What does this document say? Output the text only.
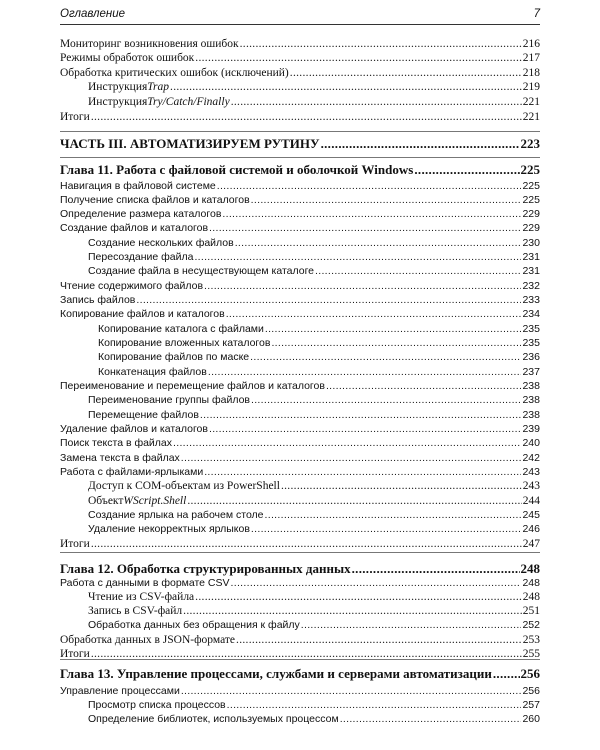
Оглавление	7
Мониторинг возникновения ошибок .....	216
Режимы обработок ошибок .....	217
Обработка критических ошибок (исключений) .....	218
Инструкция Trap .....	219
Инструкция Try/Catch/Finally .....	221
Итоги .....	221
ЧАСТЬ III. АВТОМАТИЗИРУЕМ РУТИНУ .....	223
Глава 11. Работа с файловой системой и оболочкой Windows .....	225
Навигация в файловой системе .....	225
Получение списка файлов и каталогов .....	225
Определение размера каталогов .....	229
Создание файлов и каталогов .....	229
Создание нескольких файлов .....	230
Пересоздание файла .....	231
Создание файла в несуществующем каталоге .....	231
Чтение содержимого файлов .....	232
Запись файлов .....	233
Копирование файлов и каталогов .....	234
Копирование каталога с файлами .....	235
Копирование вложенных каталогов .....	235
Копирование файлов по маске .....	236
Конкатенация файлов .....	237
Переименование и перемещение файлов и каталогов .....	238
Переименование группы файлов .....	238
Перемещение файлов .....	238
Удаление файлов и каталогов .....	239
Поиск текста в файлах .....	240
Замена текста в файлах .....	242
Работа с файлами-ярлыками .....	243
Доступ к COM-объектам из PowerShell .....	243
Объект WScript.Shell .....	244
Создание ярлыка на рабочем столе .....	245
Удаление некорректных ярлыков .....	246
Итоги .....	247
Глава 12. Обработка структурированных данных .....	248
Работа с данными в формате CSV .....	248
Чтение из CSV-файла .....	248
Запись в CSV-файл .....	251
Обработка данных без обращения к файлу .....	252
Обработка данных в JSON-формате .....	253
Итоги .....	255
Глава 13. Управление процессами, службами и серверами автоматизации ..... 256
Управление процессами .....	256
Просмотр списка процессов .....	257
Определение библиотек, используемых процессом .....	260
